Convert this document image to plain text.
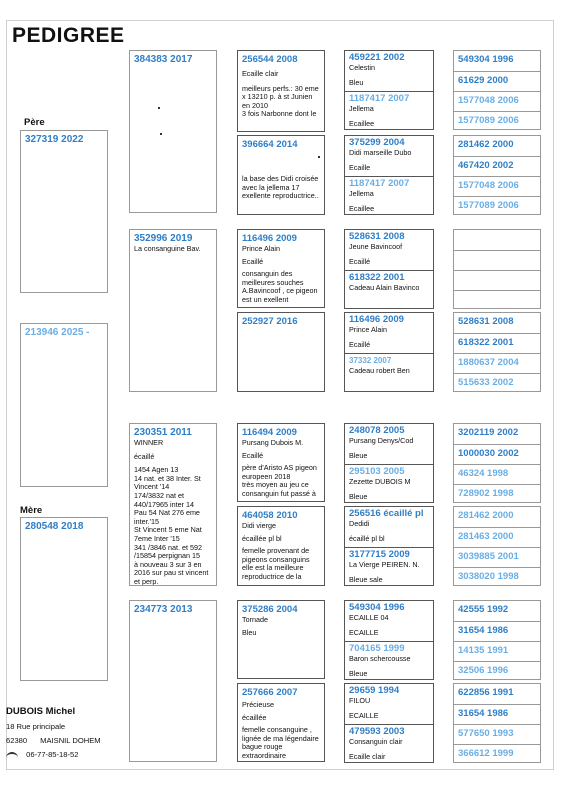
PEDIGREE
Père
Mère
327319 2022
213946 2025 -
280548 2018
384383 2017
352996 2019
La consanguine Bav.
230351 2011
WINNER
écaillé
1454 Agen 13
14 nat. et 38 Inter. St
Vincent '14
174/3832 nat et
440/17965 inter 14
Pau 54 Nat 276 eme
inter.'15
St Vincent 5 eme Nat
7eme Inter '15
341 /3846 nat. et 592
/15854 perpignan 15
à nouveau 3 sur 3 en
2016 sur pau st vincent
et perp.
234773 2013
256544 2008
Ecaille clair
meilleurs perfs.: 30 eme
x 13210 p. à st Junien
en 2010
3 fois Narbonne dont le
396664 2014
la base des Didi croisée
avec la jellema 17
exellente reproductrice..
116496 2009
Prince Alain
Ecaillé
consanguin des
meilleures souches
A.Bavincoof , ce pigeon
est un exellent
252927 2016
116494 2009
Pursang Dubois M.
Ecaillé
père d'Aristo AS pigeon
europeen 2018
très moyen au jeu ce
consanguin fut passé à
464058 2010
Didi vierge
écaillée pl bl
femelle provenant de
pigeons consanguins
elle est la meilleure
reproductrice de la
375286 2004
Tornade
Bleu
257666 2007
Précieuse
écaillée
femelle consanguine ,
lignée de ma légendaire
bague rouge
extraordinaire
459221 2002
Celestin
Bleu
1187417 2007
Jellema
Ecaillee
375299 2004
Didi marseille Dubo
Ecaille
1187417 2007
Jellema
Ecaillee
528631 2008
Jeune Bavincoof
Ecaillé
618322 2001
Cadeau Alain Bavinco
116496 2009
Prince Alain
Ecaillé
37332 2007
Cadeau robert Ben
248078 2005
Pursang Denys/Cod
Bleue
295103 2005
Zezette DUBOIS M
Bleue
256516 écaillé pl
Dedidi
écaillé pl bl
3177715 2009
La Vierge PEIREN. N.
Bleue sale
549304 1996
ECAILLE 04
ECAILLE
704165 1999
Baron schercousse
Bleue
29659 1994
FILOU
ECAILLE
479593 2003
Consanguin clair
Ecaille clair
549304 1996
61629 2000
1577048 2006
1577089 2006
281462 2000
467420 2002
1577048 2006
1577089 2006
528631 2008
618322 2001
1880637 2004
515633 2002
3202119 2002
1000030 2002
46324 1998
728902 1998
281462 2000
281463 2000
3039885 2001
3038020 1998
42555 1992
31654 1986
14135 1991
32506 1996
622856 1991
31654 1986
577650 1993
366612 1999
DUBOIS Michel
18 Rue principale
62380 MAISNIL DOHEM
06-77-85-18-52
